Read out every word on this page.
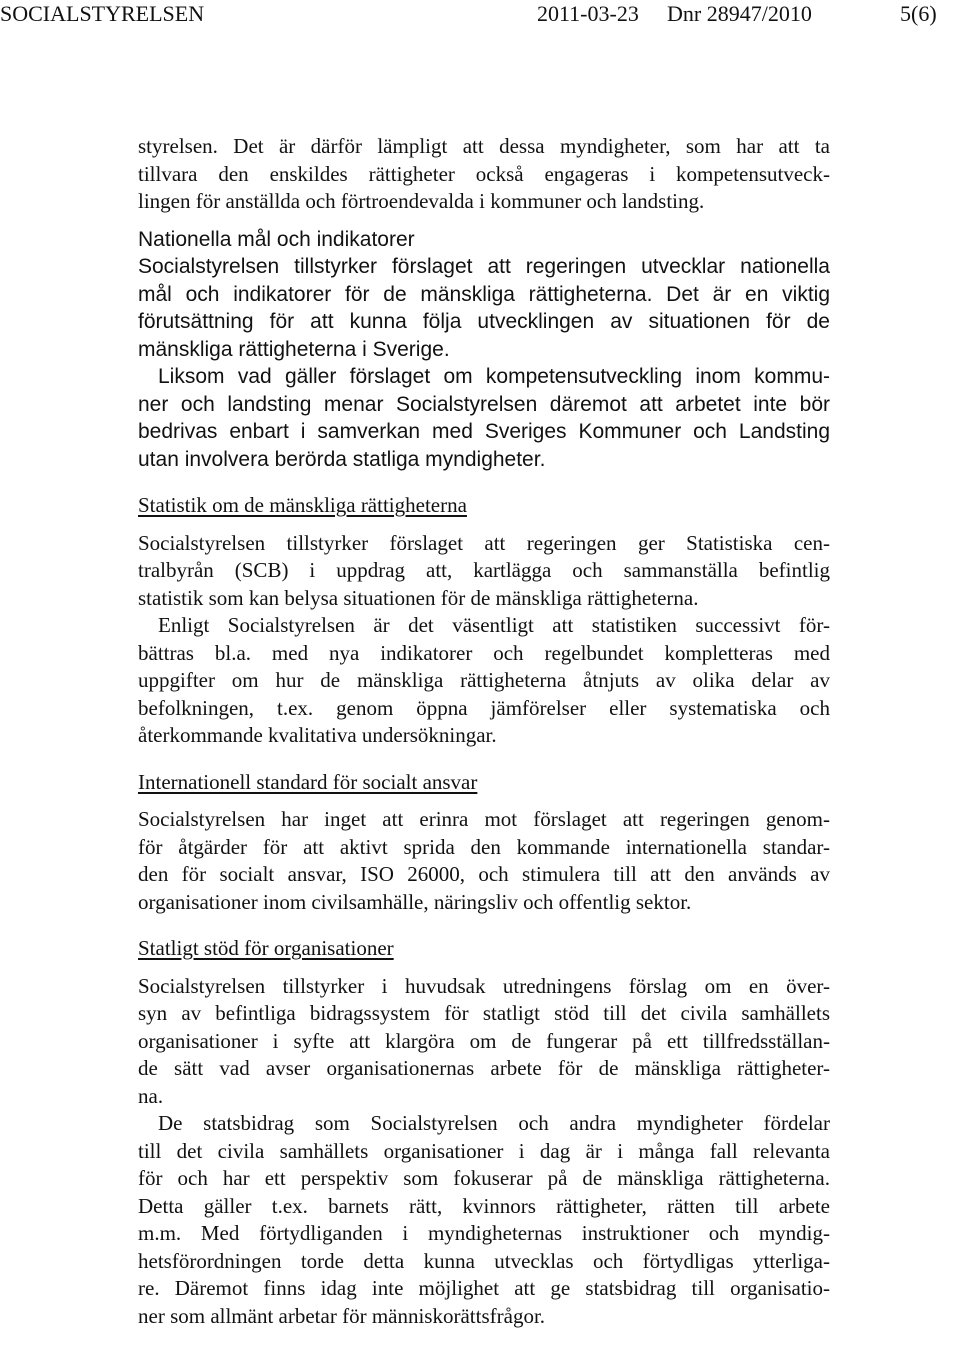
SOCIALSTYRELSEN	2011-03-23 Dnr 28947/2010	5(6)
styrelsen. Det är därför lämpligt att dessa myndigheter, som har att ta
tillvara den enskildes rättigheter också engageras i kompetensutveck-
lingen för anställda och förtroendevalda i kommuner och landsting.
Nationella mål och indikatorer
Socialstyrelsen tillstyrker förslaget att regeringen utvecklar nationella
mål och indikatorer för de mänskliga rättigheterna. Det är en viktig
förutsättning för att kunna följa utvecklingen av situationen för de
mänskliga rättigheterna i Sverige.
Liksom vad gäller förslaget om kompetensutveckling inom kommu-
ner och landsting menar Socialstyrelsen däremot att arbetet inte bör
bedrivas enbart i samverkan med Sveriges Kommuner och Landsting
utan involvera berörda statliga myndigheter.
Statistik om de mänskliga rättigheterna
Socialstyrelsen tillstyrker förslaget att regeringen ger Statistiska cen-
tralbyrån (SCB) i uppdrag att, kartlägga och sammanställa befintlig
statistik som kan belysa situationen för de mänskliga rättigheterna.
Enligt Socialstyrelsen är det väsentligt att statistiken successivt för-
bättras bl.a. med nya indikatorer och regelbundet kompletteras med
uppgifter om hur de mänskliga rättigheterna åtnjuts av olika delar av
befolkningen, t.ex. genom öppna jämförelser eller systematiska och
återkommande kvalitativa undersökningar.
Internationell standard för socialt ansvar
Socialstyrelsen har inget att erinra mot förslaget att regeringen genom-
för åtgärder för att aktivt sprida den kommande internationella standar-
den för socialt ansvar, ISO 26000, och stimulera till att den används av
organisationer inom civilsamhälle, näringsliv och offentlig sektor.
Statligt stöd för organisationer
Socialstyrelsen tillstyrker i huvudsak utredningens förslag om en över-
syn av befintliga bidragssystem för statligt stöd till det civila samhällets
organisationer i syfte att klargöra om de fungerar på ett tillfredsställan-
de sätt vad avser organisationernas arbete för de mänskliga rättigheter-
na.
De statsbidrag som Socialstyrelsen och andra myndigheter fördelar
till det civila samhällets organisationer i dag är i många fall relevanta
för och har ett perspektiv som fokuserar på de mänskliga rättigheterna.
Detta gäller t.ex. barnets rätt, kvinnors rättigheter, rätten till arbete
m.m. Med förtydliganden i myndigheternas instruktioner och myndig-
hetsförordningen torde detta kunna utvecklas och förtydligas ytterliga-
re. Däremot finns idag inte möjlighet att ge statsbidrag till organisatio-
ner som allmänt arbetar för människorättsfrågor.
